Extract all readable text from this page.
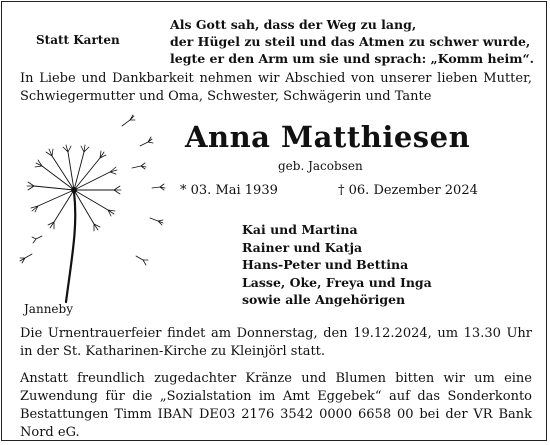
Statt Karten
Als Gott sah, dass der Weg zu lang,
der Hügel zu steil und das Atmen zu schwer wurde,
legte er den Arm um sie und sprach: „Komm heim“.
In Liebe und Dankbarkeit nehmen wir Abschied von unserer lieben Mutter, Schwiegermutter und Oma, Schwester, Schwägerin und Tante
Anna Matthiesen
geb. Jacobsen
* 03. Mai 1939	† 06. Dezember 2024
Kai und Martina
Rainer und Katja
Hans-Peter und Bettina
Lasse, Oke, Freya und Inga
sowie alle Angehörigen
Janneby
Die Urnentrauerfeier findet am Donnerstag, den 19.12.2024, um 13.30 Uhr in der St. Katharinen-Kirche zu Kleinjörl statt.
Anstatt freundlich zugedachter Kränze und Blumen bitten wir um eine Zuwendung für die „Sozialstation im Amt Eggebek“ auf das Sonderkonto Bestattungen Timm IBAN DE03 2176 3542 0000 6658 00 bei der VR Bank Nord eG.
